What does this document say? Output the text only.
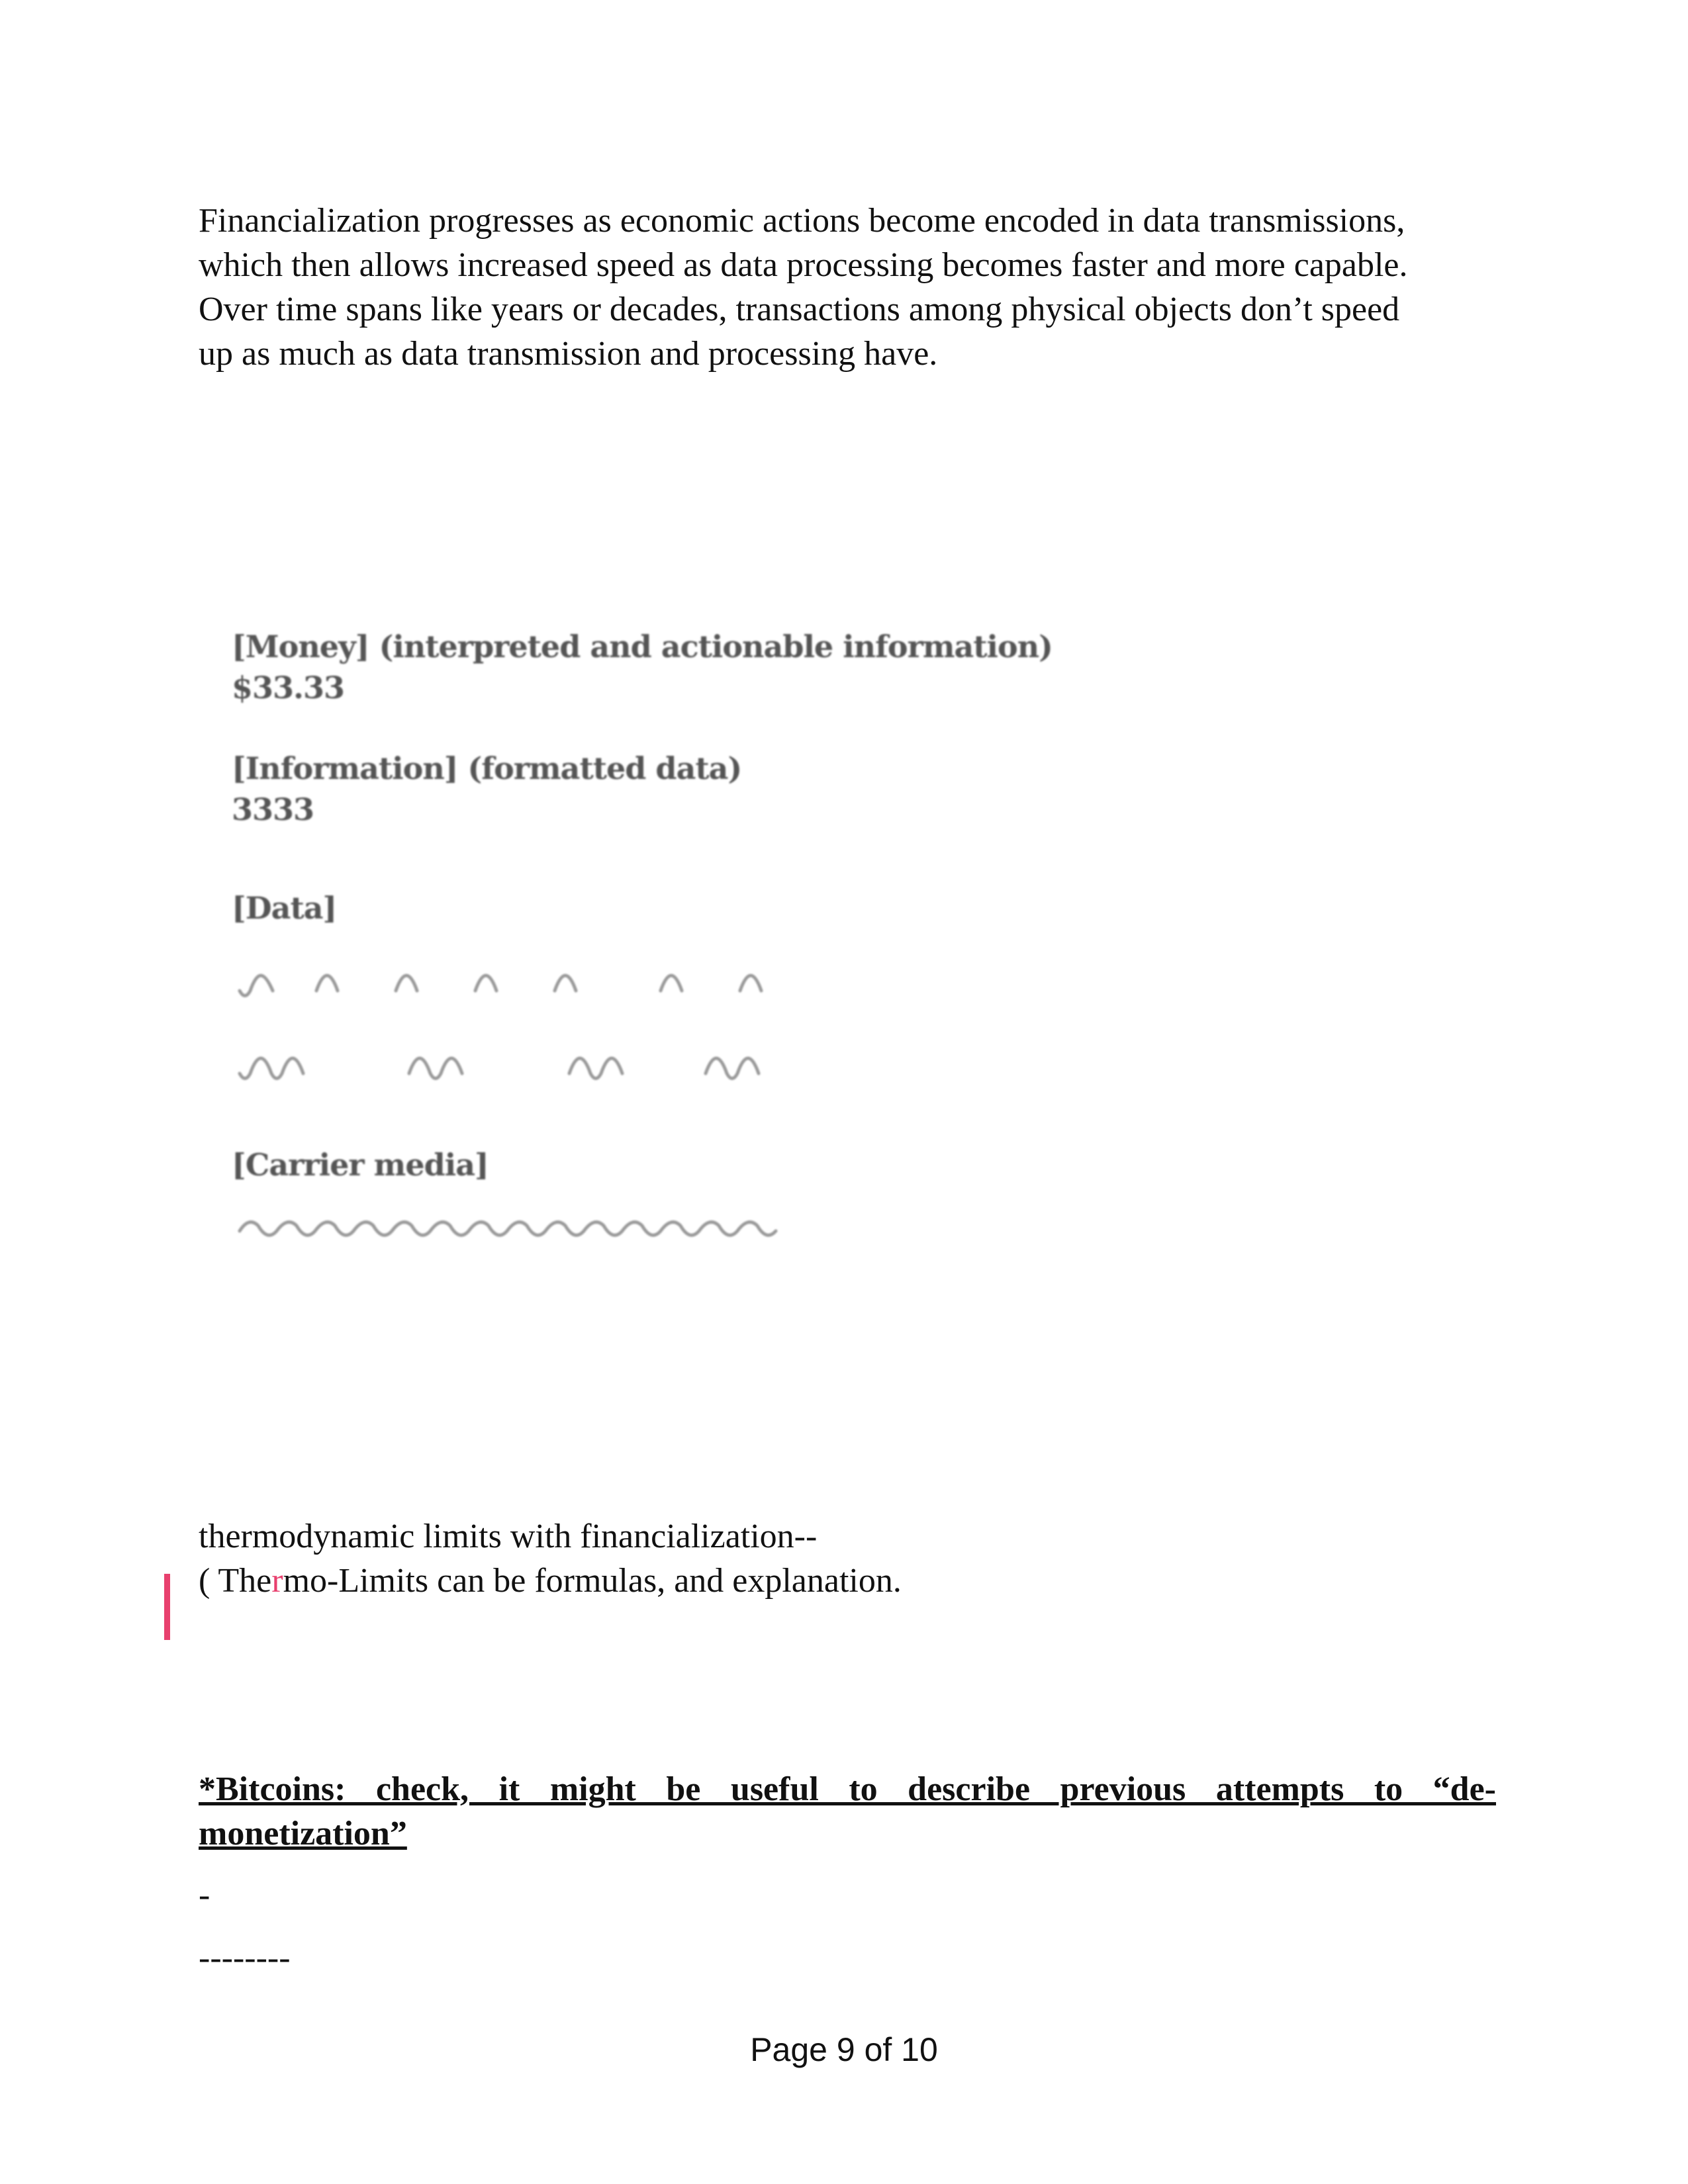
Financialization progresses as economic actions become encoded in data transmissions,
which then allows increased speed as data processing becomes faster and more capable.
Over time spans like years or decades, transactions among physical objects don’t speed
up as much as data transmission and processing have.

[Money] (interpreted and actionable information)
$33.33
[Information] (formatted data)
3333
[Data]
[Carrier media]
thermodynamic limits with financialization--
( Thermo-Limits can be formulas, and explanation.
*Bitcoins: check, it might be useful to describe previous attempts to “de-
monetization”
-
--------
Page 9 of 10
